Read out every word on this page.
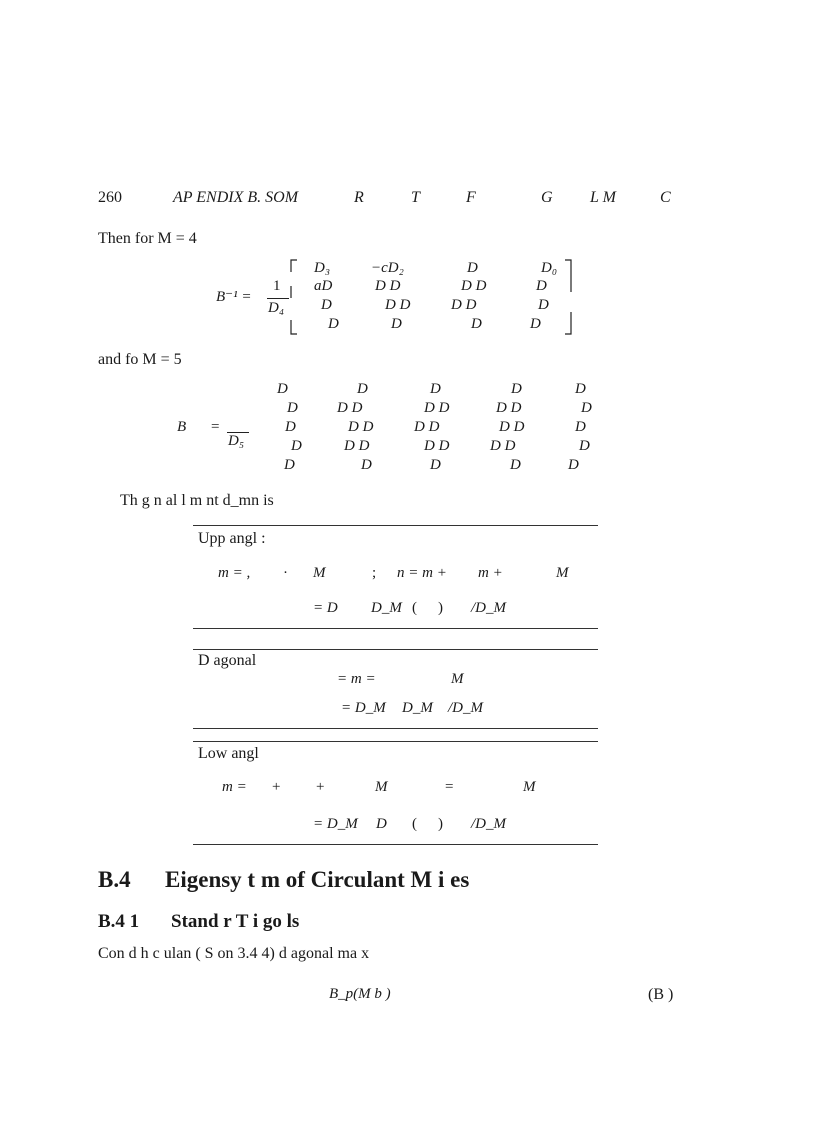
260	AP ENDIX B. SOM	R	T	F	G L M	C
Then for M = 4
B⁻¹ =
1
D₄
D₃	−cD₂	D	D₀
aD	D D	D D	D
D	D D	D D	D
D	D	D	D
and fo M = 5
B =
D₅
D	D	D	D	D
D	D D	D D	D D	D
D	D D	D D	D D	D
D	D D	D D	D D	D
D	D	D	D	D
Th g n al l m nt d_mn is
Upp angl :
m = , · M	; n = m + m +	M
= D D_M ( ) /D_M
D agonal
= m =	M
= D_M D_M /D_M
Low angl
m = + +	M	=	M
= D_M D ( ) /D_M
B.4 Eigensy t m of Circulant M i es
B.4 1 Stand r T i go ls
Con d h c ulan ( S on 3.4 4) d agonal ma x
B_p(M b )	(B )
